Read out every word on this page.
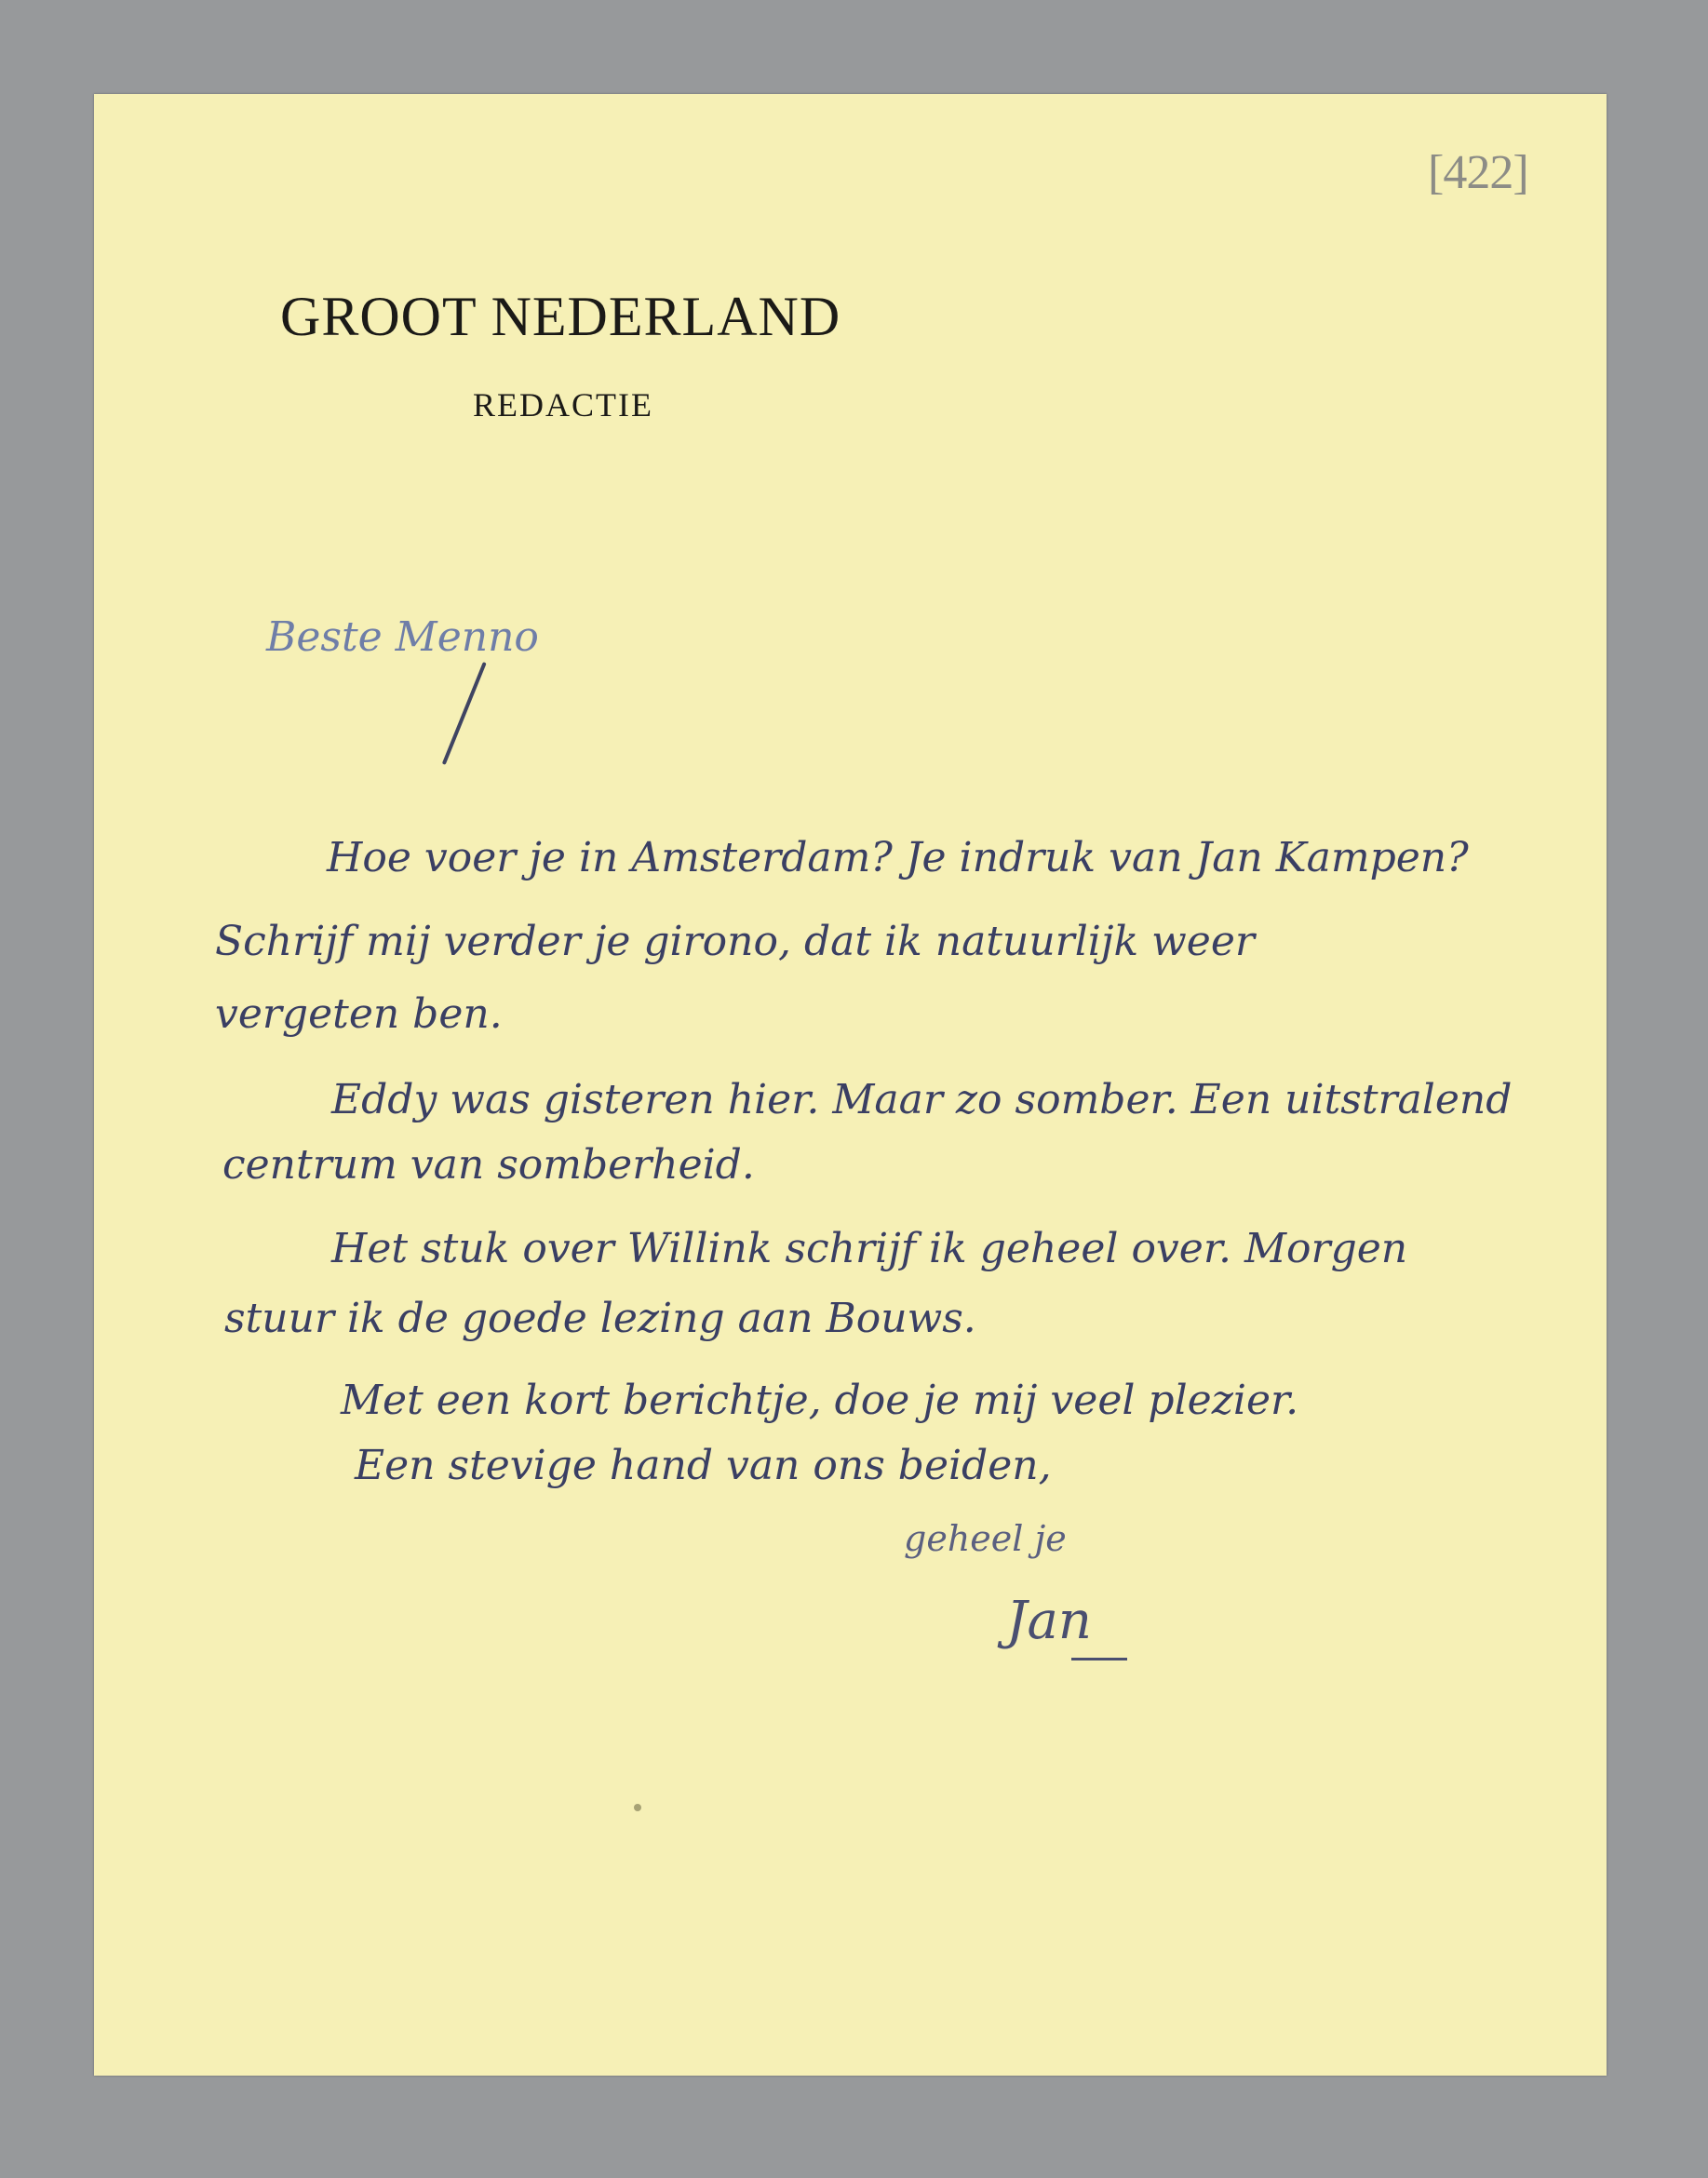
[422]
GROOT NEDERLAND
REDACTIE
Beste Menno
Hoe voer je in Amsterdam? Je indruk van Jan Kampen?
Schrijf mij verder je girono, dat ik natuurlijk weer
vergeten ben.
Eddy was gisteren hier. Maar zo somber. Een uitstralend
centrum van somberheid.
Het stuk over Willink schrijf ik geheel over. Morgen
stuur ik de goede lezing aan Bouws.
Met een kort berichtje, doe je mij veel plezier.
Een stevige hand van ons beiden,
geheel je
Jan
